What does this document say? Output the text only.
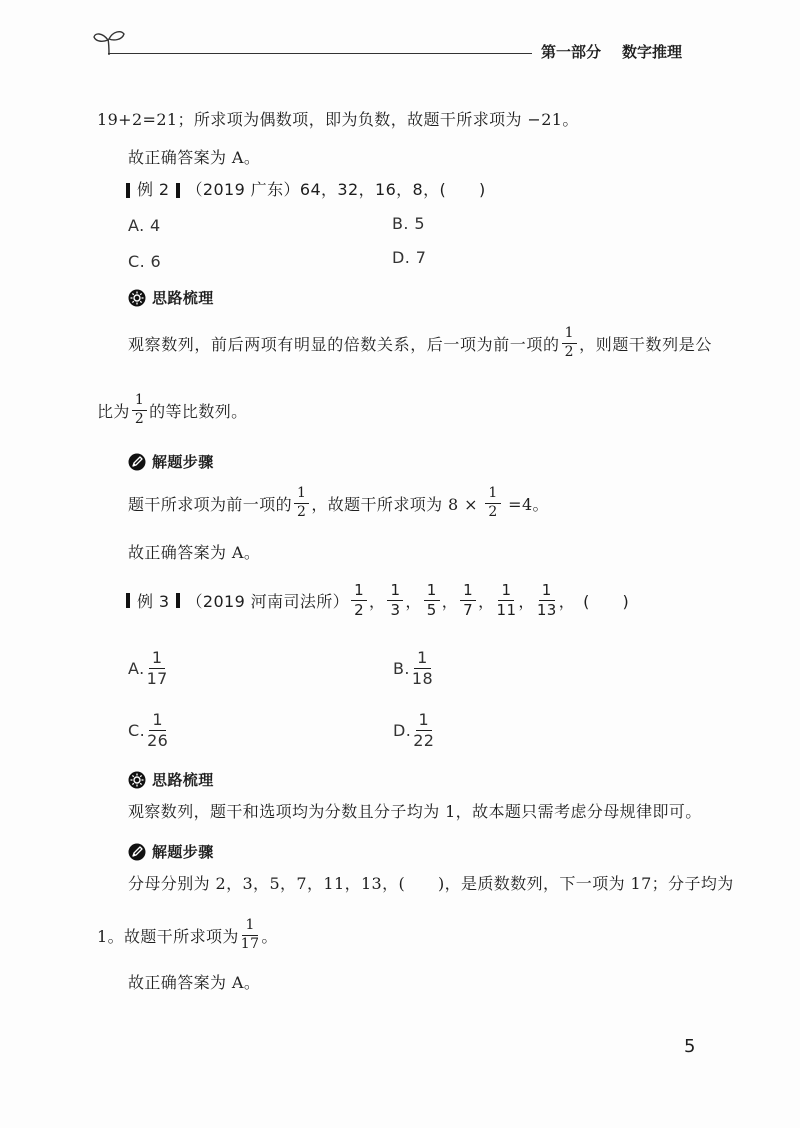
第一部分 数字推理
19+2=21；所求项为偶数项，即为负数，故题干所求项为 −21。
故正确答案为 A。
例 2 （2019 广东） 64，32，16，8，(　　)
A. 4	B. 5
C. 6	D. 7
思路梳理
观察数列，前后两项有明显的倍数关系，后一项为前一项的 $\frac{1}{2}$ ，则题干数列是公
比为 $\frac{1}{2}$ 的等比数列。
解题步骤
题干所求项为前一项的 $\frac{1}{2}$ ，故题干所求项为 $8 \times \frac{1}{2} =4$。
故正确答案为 A。
例 3 （2019 河南司法所） $\frac{1}{2}$ ， $\frac{1}{3}$ ， $\frac{1}{5}$ ， $\frac{1}{7}$ ， $\frac{1}{11}$ ， $\frac{1}{13}$ ， (　　)
A. $\frac{1}{17}$	B. $\frac{1}{18}$
C. $\frac{1}{26}$	D. $\frac{1}{22}$
思路梳理
观察数列，题干和选项均为分数且分子均为 1，故本题只需考虑分母规律即可。
解题步骤
分母分别为 2，3，5，7，11，13，(　　)，是质数数列，下一项为 17；分子均为
1。故题干所求项为 $\frac{1}{17}$ 。
故正确答案为 A。
5
